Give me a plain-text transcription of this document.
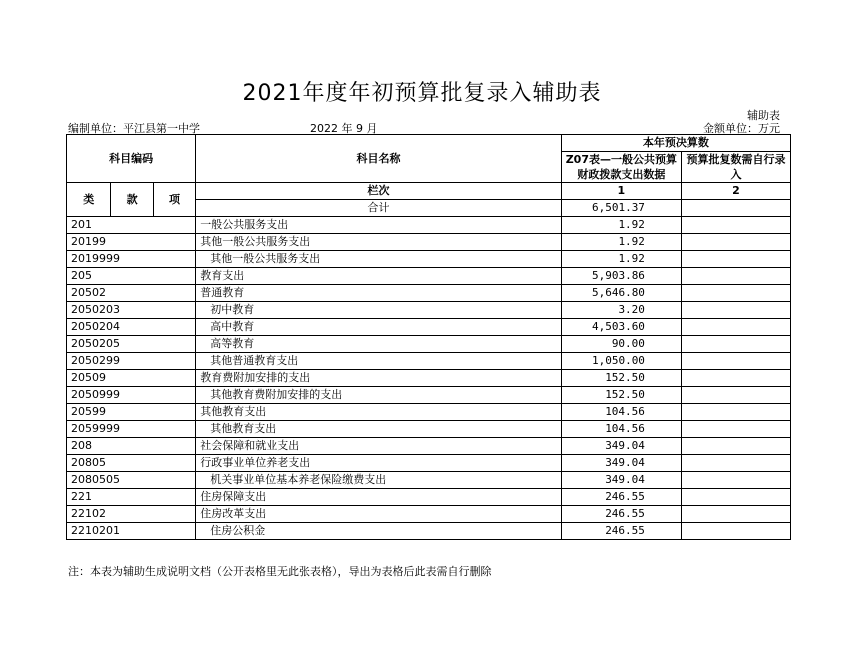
2021年度年初预算批复录入辅助表
辅助表
编制单位：平江县第一中学	2022 年 9 月	金额单位：万元
科目编码			科目名称	本年预决算数	
				Z07表—一般公共预算财政拨款支出数据	预算批复数需自行录入
类	款	项	栏次	1	2
			合计	6,501.37	
201			一般公共服务支出	1.92	
20199			其他一般公共服务支出	1.92	
2019999			其他一般公共服务支出	1.92	
205			教育支出	5,903.86	
20502			普通教育	5,646.80	
2050203			初中教育	3.20	
2050204			高中教育	4,503.60	
2050205			高等教育	90.00	
2050299			其他普通教育支出	1,050.00	
20509			教育费附加安排的支出	152.50	
2050999			其他教育费附加安排的支出	152.50	
20599			其他教育支出	104.56	
2059999			其他教育支出	104.56	
208			社会保障和就业支出	349.04	
20805			行政事业单位养老支出	349.04	
2080505			机关事业单位基本养老保险缴费支出	349.04	
221			住房保障支出	246.55	
22102			住房改革支出	246.55	
2210201			住房公积金	246.55	
注：本表为辅助生成说明文档（公开表格里无此张表格），导出为表格后此表需自行删除
